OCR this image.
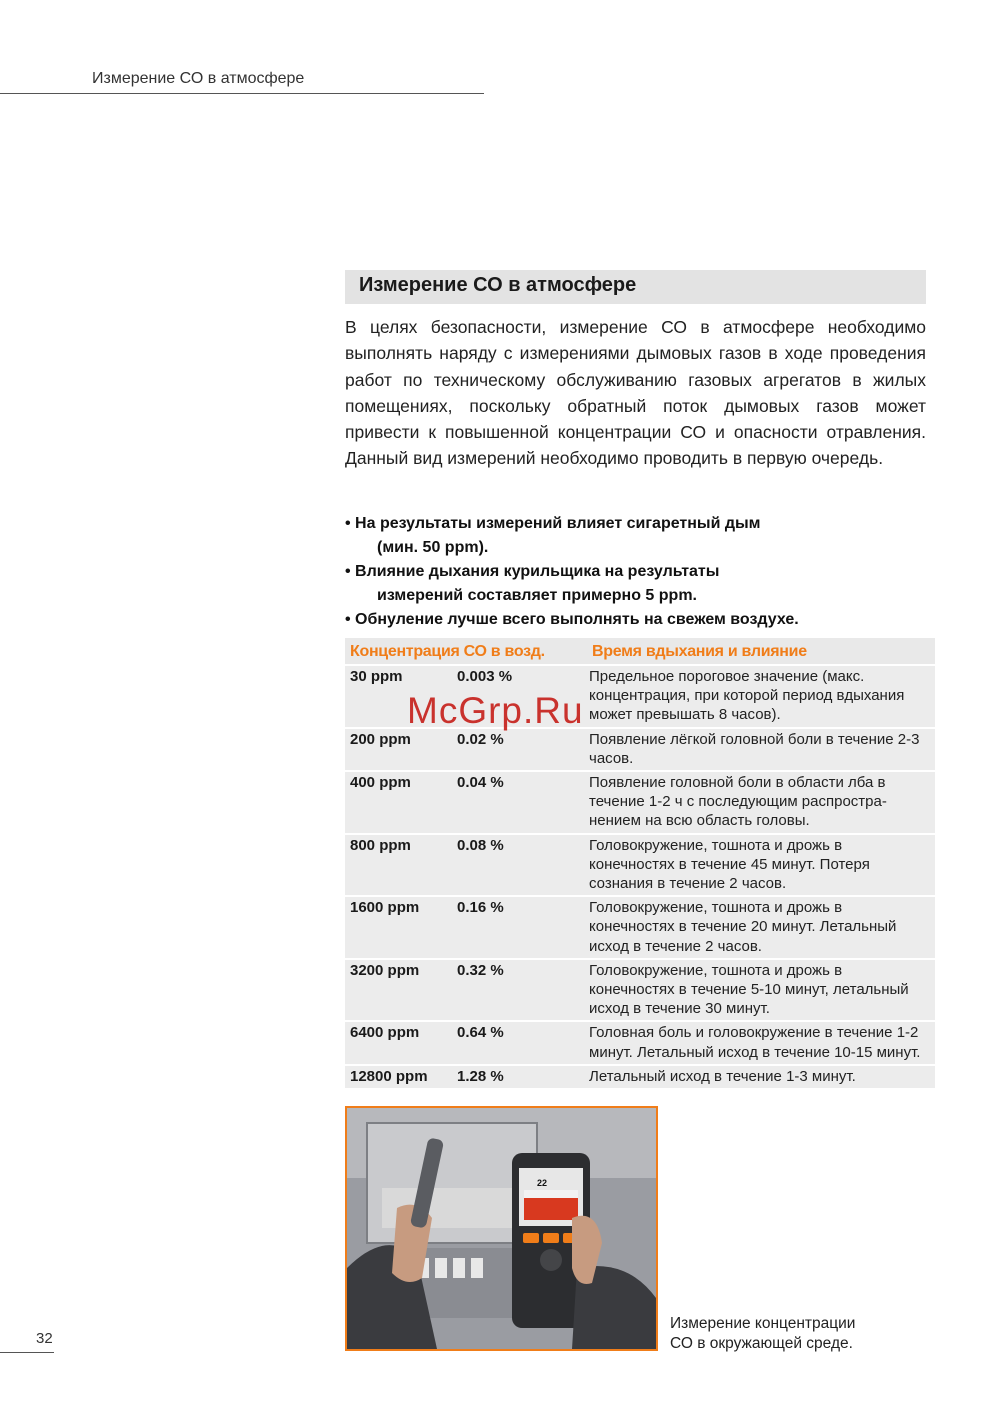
Измерение СО в атмосфере
Измерение СО в атмосфере
В целях безопасности, измерение СО в атмосфере необходимо выполнять наряду с измерениями дымовых газов в ходе проведения работ по техническому обслуживанию газовых агрегатов в жилых помещениях, поскольку обратный поток дымовых газов может привести к повышенной концентрации СО и опасности отравления. Данный вид измерений необходимо проводить в первую очередь.
• На результаты измерений влияет сигаретный дым
(мин. 50 ppm).
• Влияние дыхания курильщика на результаты
измерений составляет примерно 5 ppm.
• Обнуление лучше всего выполнять на свежем воздухе.
Концентрация СО в возд.		Время вдыхания и влияние
30 ppm	0.003 %	Предельное пороговое значение (макс. концентрация, при которой период вдыхания может превышать 8 часов).
200 ppm	0.02 %	Появление лёгкой головной боли в течение 2-3 часов.
400 ppm	0.04 %	Появление головной боли в области лба в течение 1-2 ч с последующим распростра-нением на всю область головы.
800 ppm	0.08 %	Головокружение, тошнота и дрожь в конечностях в течение 45 минут. Потеря сознания в течение 2 часов.
1600 ppm	0.16 %	Головокружение, тошнота и дрожь в конечностях в течение 20 минут. Летальный исход в течение 2 часов.
3200 ppm	0.32 %	Головокружение, тошнота и дрожь в конечностях в течение 5-10 минут, летальный исход в течение 30 минут.
6400 ppm	0.64 %	Головная боль и головокружение в течение 1-2 минут. Летальный исход в течение 10-15 минут.
12800 ppm	1.28 %	Летальный исход в течение 1-3 минут.
McGrp.Ru
22
Измерение концентрации
СО в окружающей среде.
32
